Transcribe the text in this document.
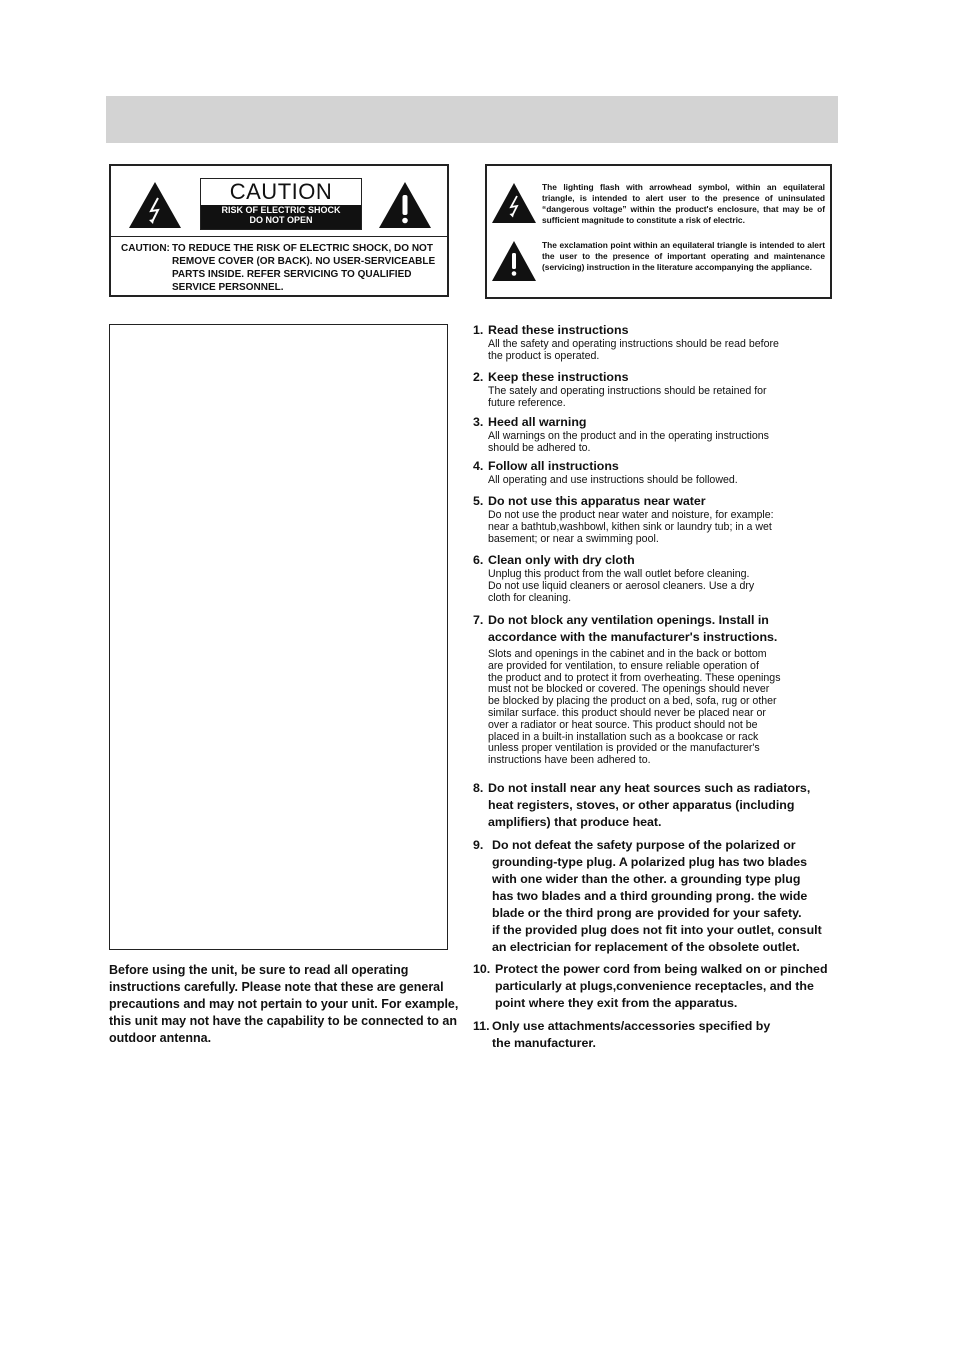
CAUTION
RISK OF ELECTRIC SHOCK
DO NOT OPEN
CAUTION: TO REDUCE THE RISK OF ELECTRIC SHOCK, DO NOT REMOVE COVER (OR BACK). NO USER-SERVICEABLE PARTS INSIDE. REFER SERVICING TO QUALIFIED SERVICE PERSONNEL.
The lighting flash with arrowhead symbol, within an equilateral triangle, is intended to alert user to the presence of uninsulated “dangerous voltage” within the product's enclosure, that may be of sufficient magnitude to constitute a risk of electric.
The exclamation point within an equilateral triangle is intended to alert the user to the presence of important operating and maintenance (servicing) instruction in the literature accompanying the appliance.
Before using the unit, be sure to read all operating instructions carefully. Please note that these are general precautions and may not pertain to your unit. For example, this unit may not have the capability to be connected to an outdoor antenna.
1. Read these instructions
All the safety and operating instructions should be read before
the product is operated.
2. Keep these instructions
The sately and operating instructions should be retained for
future reference.
3. Heed all warning
All warnings on the product and in the operating instructions
should be adhered to.
4. Follow all instructions
All operating and use instructions should be followed.
5. Do not use this apparatus near water
Do not use the product near water and noisture, for example:
near a bathtub,washbowl, kithen sink or laundry tub; in a wet
basement; or near a swimming pool.
6. Clean only with dry cloth
Unplug this product from the wall outlet before cleaning.
Do not use liquid cleaners or aerosol cleaners. Use a dry
cloth for cleaning.
7. Do not block any ventilation openings. Install in
accordance with the manufacturer's instructions.
Slots and openings in the cabinet and in the back or bottom
are provided for ventilation, to ensure reliable operation of
the product and to protect it from overheating. These openings
must not be blocked or covered. The openings should never
be blocked by placing the product on a bed, sofa, rug or other
similar surface. this product should never be placed near or
over a radiator or heat source. This product should not be
placed in a built-in installation such as a bookcase or rack
unless proper ventilation is provided or the manufacturer's
instructions have been adhered to.
8. Do not install near any heat sources such as radiators,
heat registers, stoves, or other apparatus (including
amplifiers) that produce heat.
9. Do not defeat the safety purpose of the polarized or
grounding-type plug. A polarized plug has two blades
with one wider than the other. a grounding type plug
has two blades and a third grounding prong. the wide
blade or the third prong are provided for your safety.
if the provided plug does not fit into your outlet, consult
an electrician for replacement of the obsolete outlet.
10. Protect the power cord from being walked on or pinched
particularly at plugs,convenience receptacles, and the
point where they exit from the apparatus.
11. Only use attachments/accessories specified by
the manufacturer.
